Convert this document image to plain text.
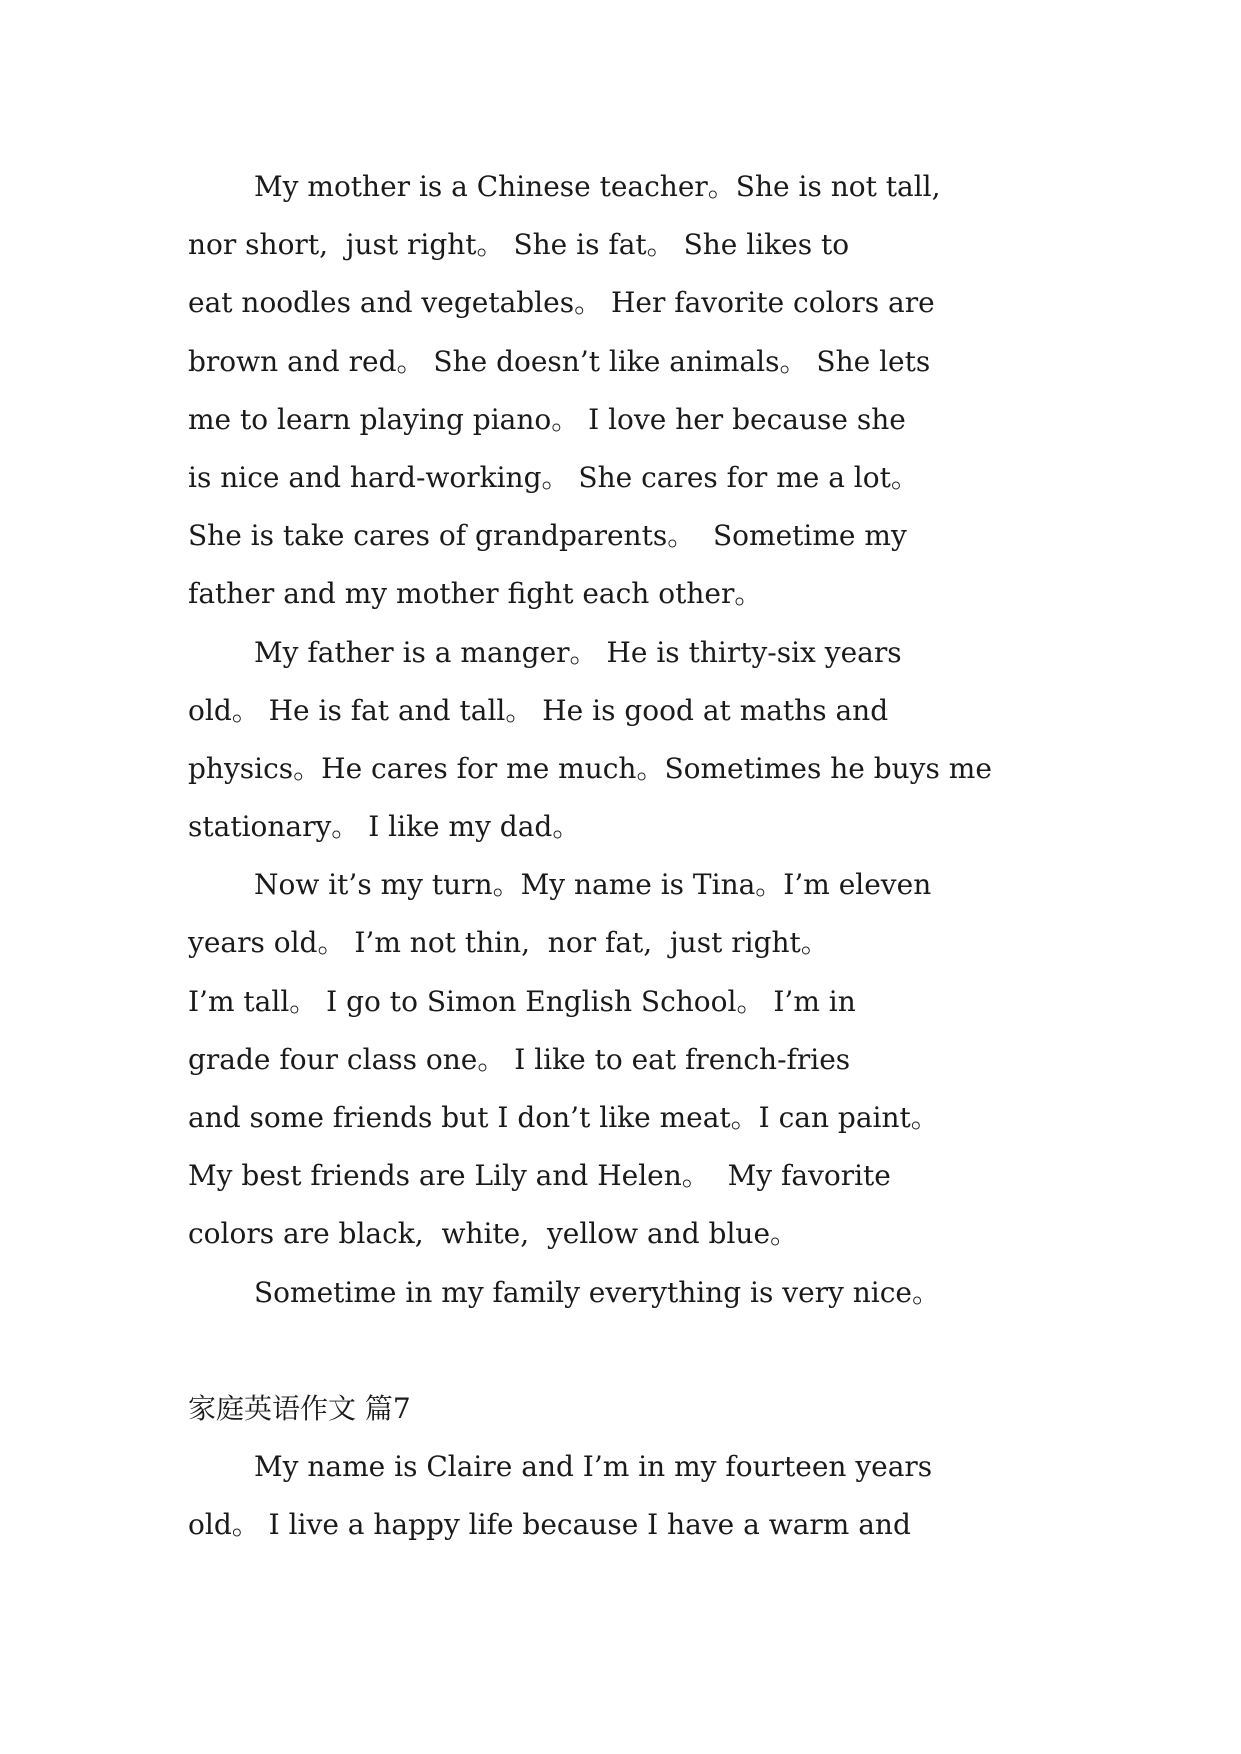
My mother is a Chinese teacher。She is not tall,
nor short,  just right。 She is fat。 She likes to
eat noodles and vegetables。 Her favorite colors are
brown and red。 She doesn’t like animals。 She lets
me to learn playing piano。 I love her because she
is nice and hard-working。 She cares for me a lot。
She is take cares of grandparents。  Sometime my
father and my mother fight each other。
My father is a manger。 He is thirty-six years
old。 He is fat and tall。 He is good at maths and
physics。He cares for me much。Sometimes he buys me
stationary。 I like my dad。
Now it’s my turn。My name is Tina。I’m eleven
years old。 I’m not thin,  nor fat,  just right。
I’m tall。 I go to Simon English School。 I’m in
grade four class one。 I like to eat french-fries
and some friends but I don’t like meat。I can paint。
My best friends are Lily and Helen。  My favorite
colors are black,  white,  yellow and blue。
Sometime in my family everything is very nice。
家庭英语作文 篇7
My name is Claire and I’m in my fourteen years
old。 I live a happy life because I have a warm and
